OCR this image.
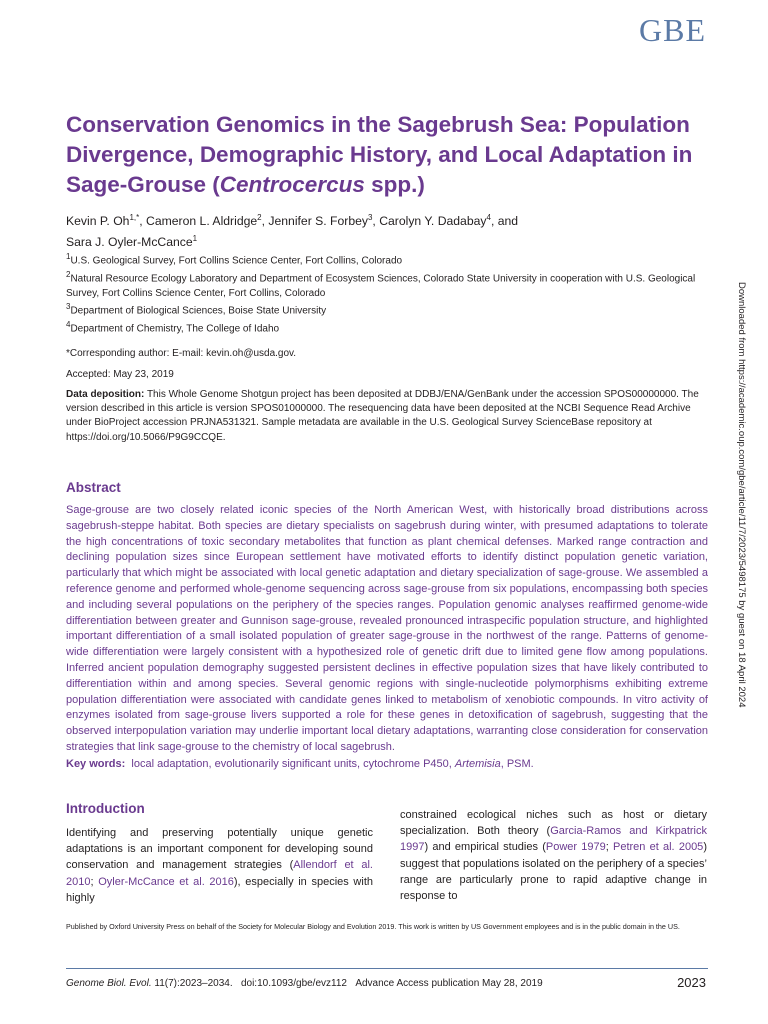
GBE
Conservation Genomics in the Sagebrush Sea: Population Divergence, Demographic History, and Local Adaptation in Sage-Grouse (Centrocercus spp.)
Kevin P. $Oh^{1,*}$, Cameron L. Aldridge$^2$, Jennifer S. Forbey$^3$, Carolyn Y. Dadabay$^4$, and
Sara J. Oyler-McCance$^1$
$^1$U.S. Geological Survey, Fort Collins Science Center, Fort Collins, Colorado
$^2$Natural Resource Ecology Laboratory and Department of Ecosystem Sciences, Colorado State University in cooperation with U.S. Geological Survey, Fort Collins Science Center, Fort Collins, Colorado
$^3$Department of Biological Sciences, Boise State University
$^4$Department of Chemistry, The College of Idaho
*Corresponding author: E-mail: kevin.oh@usda.gov.
Accepted: May 23, 2019
Data deposition: This Whole Genome Shotgun project has been deposited at DDBJ/ENA/GenBank under the accession SPOS00000000. The version described in this article is version SPOS01000000. The resequencing data have been deposited at the NCBI Sequence Read Archive under BioProject accession PRJNA531321. Sample metadata are available in the U.S. Geological Survey ScienceBase repository at https://doi.org/10.5066/P9G9CCQE.
Abstract
Sage-grouse are two closely related iconic species of the North American West, with historically broad distributions across sagebrush-steppe habitat. Both species are dietary specialists on sagebrush during winter, with presumed adaptations to tolerate the high concentrations of toxic secondary metabolites that function as plant chemical defenses. Marked range contraction and declining population sizes since European settlement have motivated efforts to identify distinct population genetic variation, particularly that which might be associated with local genetic adaptation and dietary specialization of sage-grouse. We assembled a reference genome and performed whole-genome sequencing across sage-grouse from six populations, encompassing both species and including several populations on the periphery of the species ranges. Population genomic analyses reaffirmed genome-wide differentiation between greater and Gunnison sage-grouse, revealed pronounced intraspecific population structure, and highlighted important differentiation of a small isolated population of greater sage-grouse in the northwest of the range. Patterns of genome-wide differentiation were largely consistent with a hypothesized role of genetic drift due to limited gene flow among populations. Inferred ancient population demography suggested persistent declines in effective population sizes that have likely contributed to differentiation within and among species. Several genomic regions with single-nucleotide polymorphisms exhibiting extreme population differentiation were associated with candidate genes linked to metabolism of xenobiotic compounds. In vitro activity of enzymes isolated from sage-grouse livers supported a role for these genes in detoxification of sagebrush, suggesting that the observed interpopulation variation may underlie important local dietary adaptations, warranting close consideration for conservation strategies that link sage-grouse to the chemistry of local sagebrush.
Key words: local adaptation, evolutionarily significant units, cytochrome P450, Artemisia, PSM.
Introduction
Identifying and preserving potentially unique genetic adaptations is an important component for developing sound conservation and management strategies (Allendorf et al. 2010; Oyler-McCance et al. 2016), especially in species with highly
constrained ecological niches such as host or dietary specialization. Both theory (Garcia-Ramos and Kirkpatrick 1997) and empirical studies (Power 1979; Petren et al. 2005) suggest that populations isolated on the periphery of a species’ range are particularly prone to rapid adaptive change in response to
Published by Oxford University Press on behalf of the Society for Molecular Biology and Evolution 2019. This work is written by US Government employees and is in the public domain in the US.
Genome Biol. Evol. 11(7):2023–2034. doi:10.1093/gbe/evz112 Advance Access publication May 28, 2019	2023
Downloaded from https://academic.oup.com/gbe/article/11/7/2023/5498175 by guest on 18 April 2024
